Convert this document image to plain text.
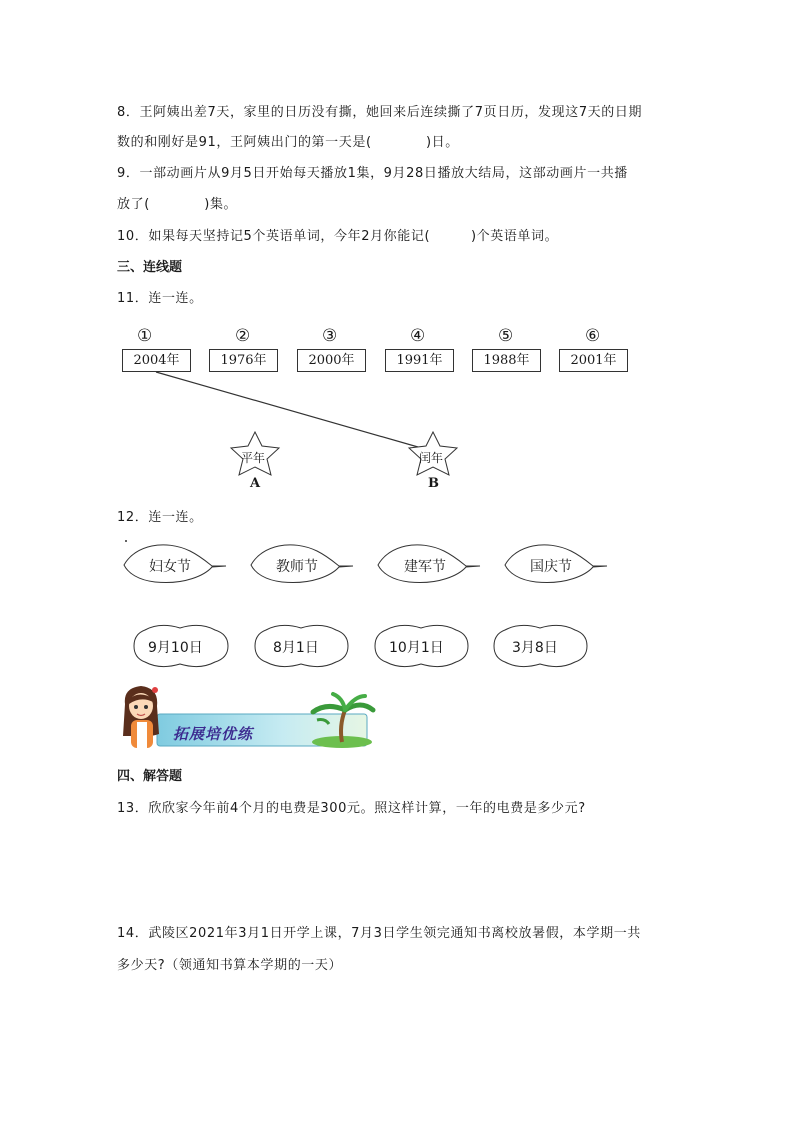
8．王阿姨出差7天，家里的日历没有撕，她回来后连续撕了7页日历，发现这7天的日期
数的和刚好是91，王阿姨出门的第一天是(　　　　)日。
9．一部动画片从9月5日开始每天播放1集，9月28日播放大结局，这部动画片一共播
放了(　　　　)集。
10．如果每天坚持记5个英语单词，今年2月你能记(　　　)个英语单词。
三、连线题
11．连一连。
①	②	③	④	⑤	⑥
2004年	1976年	2000年	1991年	1988年	2001年
平年
A
闰年
B
12．连一连。
妇女节	教师节	建军节	国庆节
9月10日	8月1日	10月1日	3月8日
拓展培优练
四、解答题
13．欣欣家今年前4个月的电费是300元。照这样计算，一年的电费是多少元?
14．武陵区2021年3月1日开学上课，7月3日学生领完通知书离校放暑假，本学期一共
多少天?（领通知书算本学期的一天）
